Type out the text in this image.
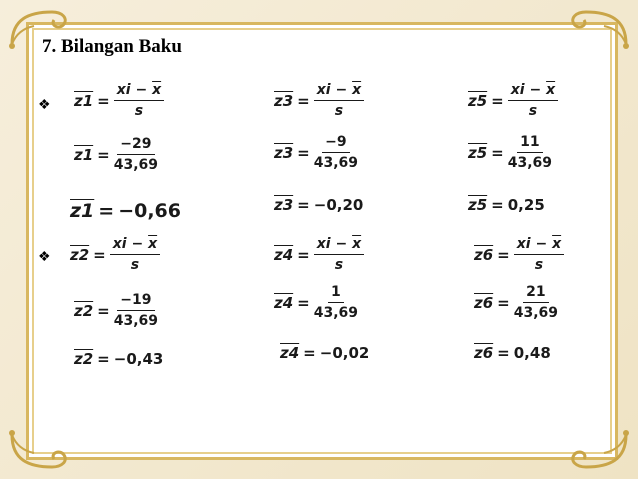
7. Bilangan Baku
❖
❖
$z1 = \frac{xi - \overline{x}}{s}$
$z1 = \frac{-29}{43,69}$
z1 = −0,66
$z2 = \frac{xi - \overline{x}}{s}$
$z2 = \frac{-19}{43,69}$
z2 = −0,43
$z3 = \frac{xi - \overline{x}}{s}$
$z3 = \frac{-9}{43,69}$
z3 = −0,20
$z4 = \frac{xi - \overline{x}}{s}$
$z4 = \frac{1}{43,69}$
z4 = −0,02
$z5 = \frac{xi - \overline{x}}{s}$
$z5 = \frac{11}{43,69}$
z5 = 0,25
$z6 = \frac{xi - \overline{x}}{s}$
$z6 = \frac{21}{43,69}$
z6 = 0,48
